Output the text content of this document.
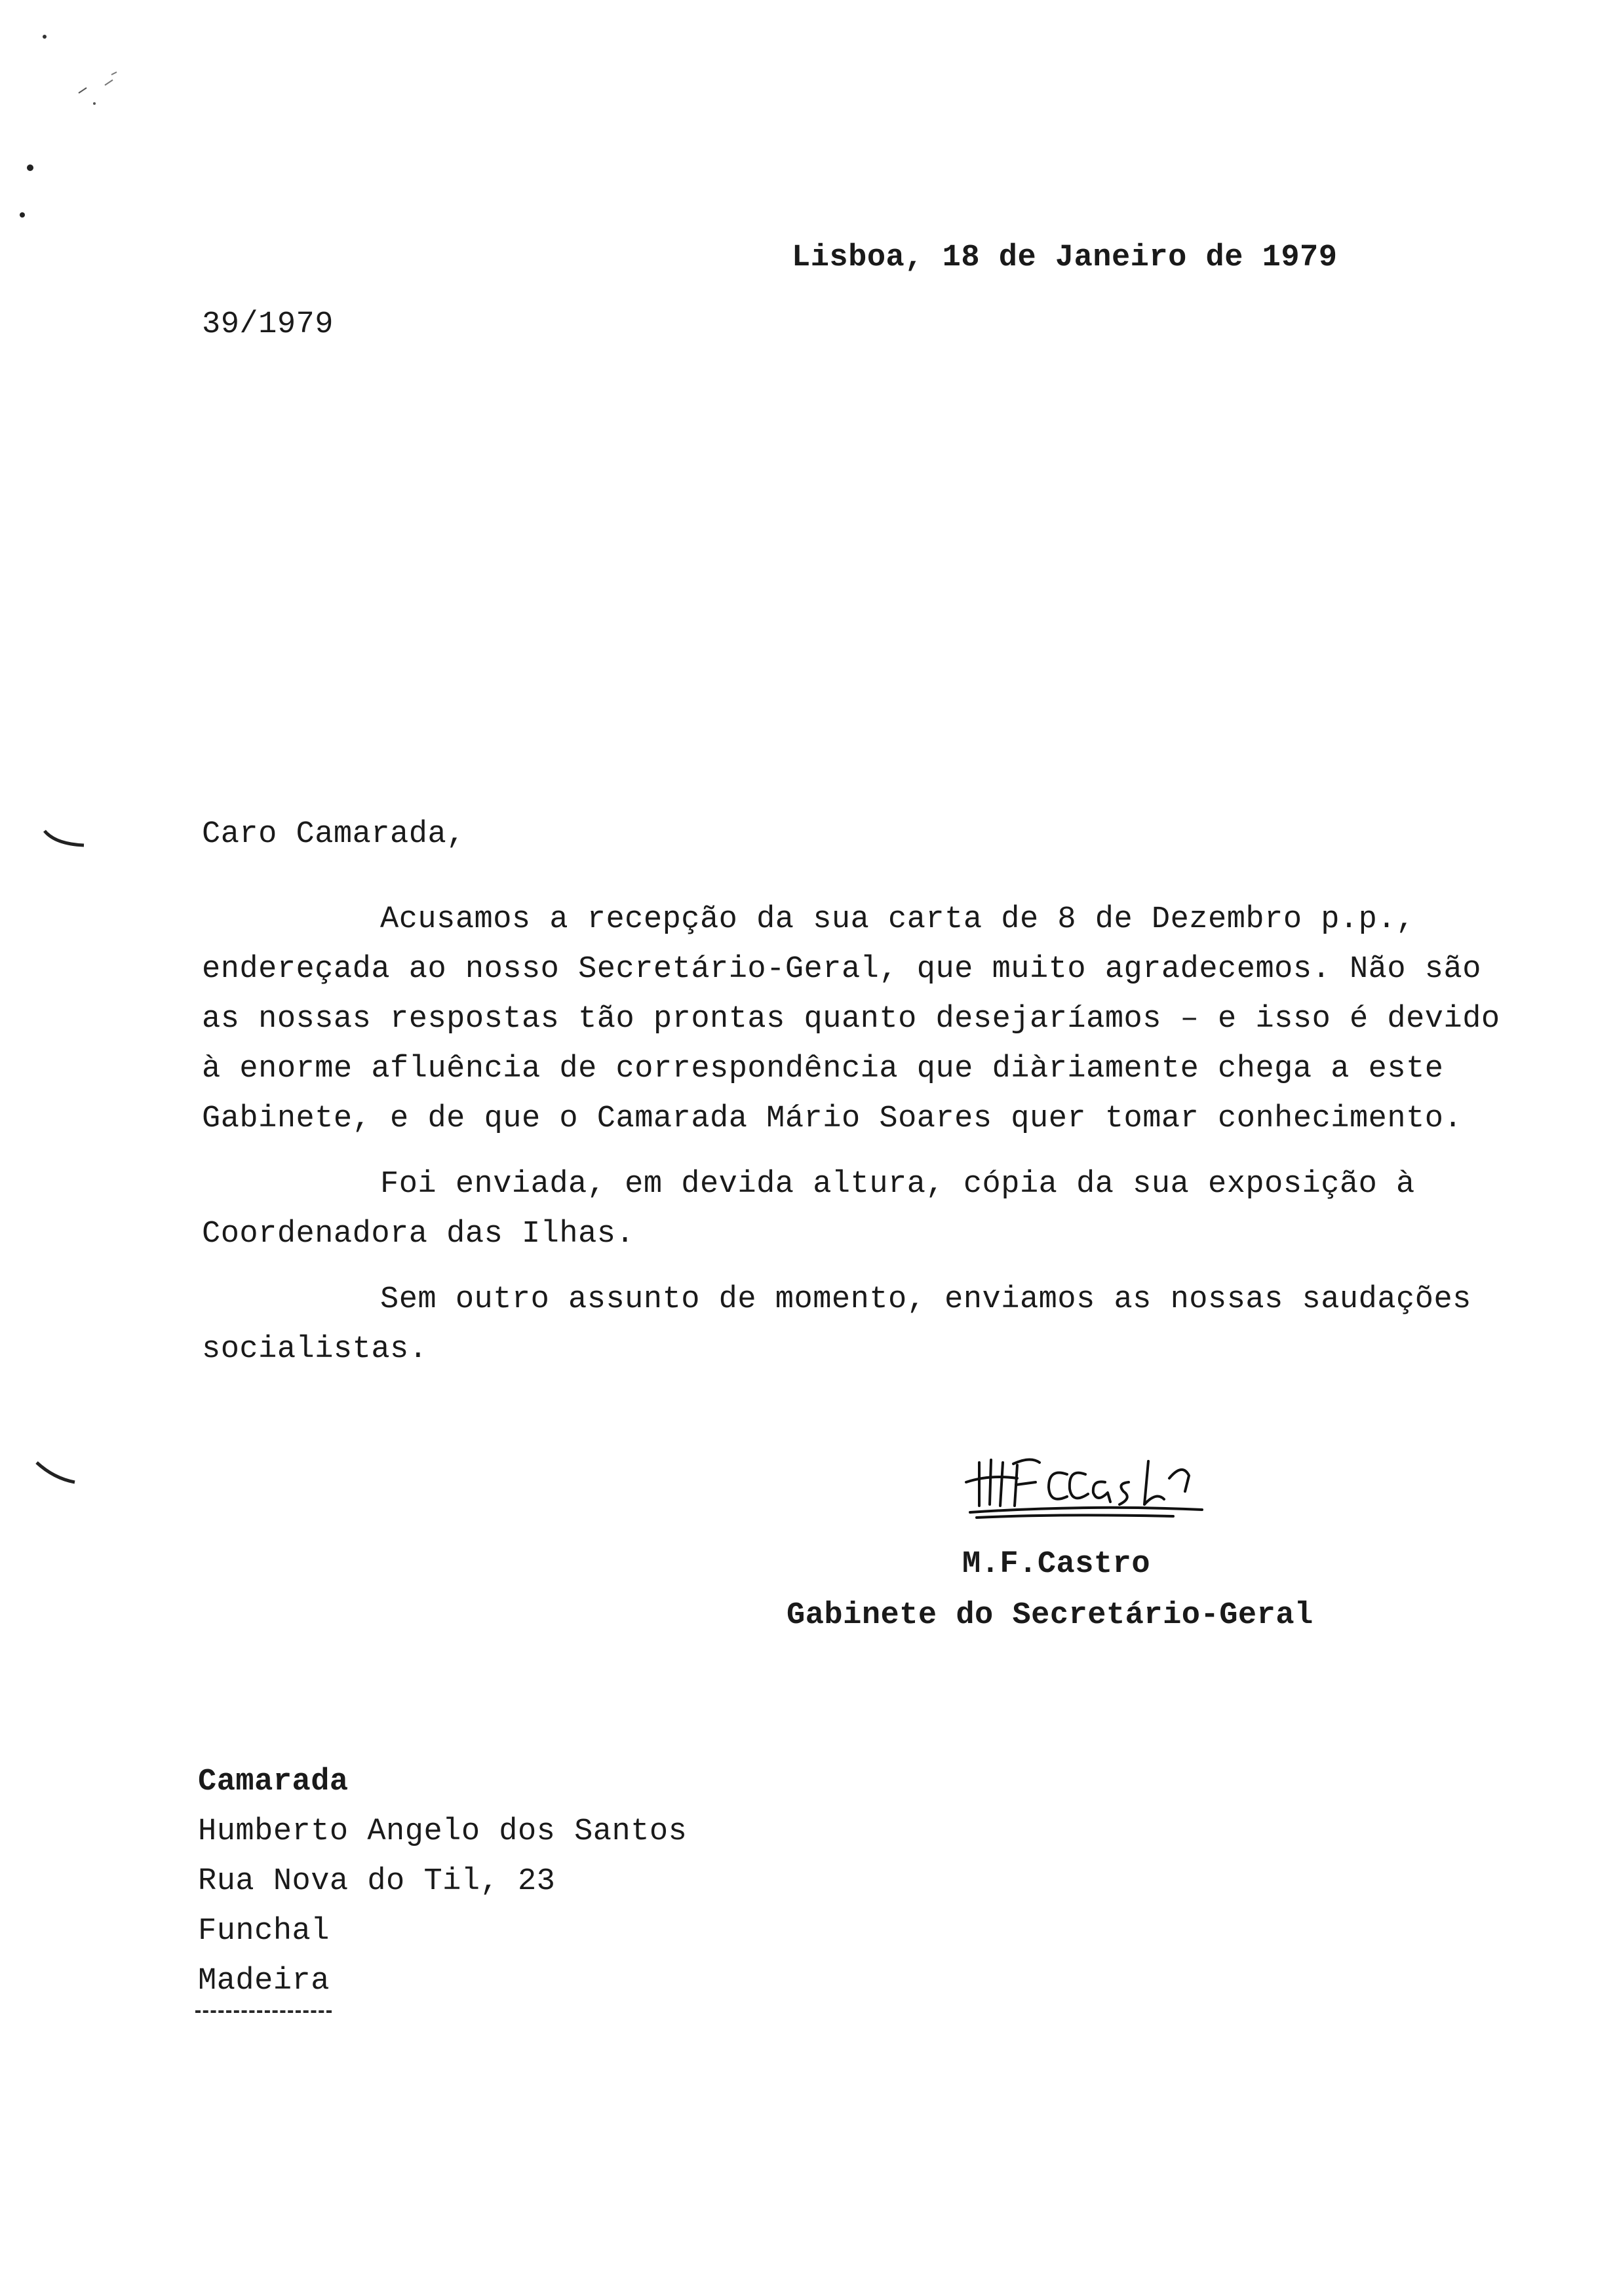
Lisboa, 18 de Janeiro de 1979
39/1979
Caro Camarada,
Acusamos a recepção da sua carta de 8 de Dezembro p.p.,
endereçada ao nosso Secretário-Geral, que muito agradecemos. Não são
as nossas respostas tão prontas quanto desejaríamos – e isso é devido
à enorme afluência de correspondência que diàriamente chega a este
Gabinete, e de que o Camarada Mário Soares quer tomar conhecimento.
Foi enviada, em devida altura, cópia da sua exposição à
Coordenadora das Ilhas.
Sem outro assunto de momento, enviamos as nossas saudações
socialistas.
M.F.Castro
Gabinete do Secretário-Geral
Camarada
Humberto Angelo dos Santos
Rua Nova do Til, 23
Funchal
Madeira
